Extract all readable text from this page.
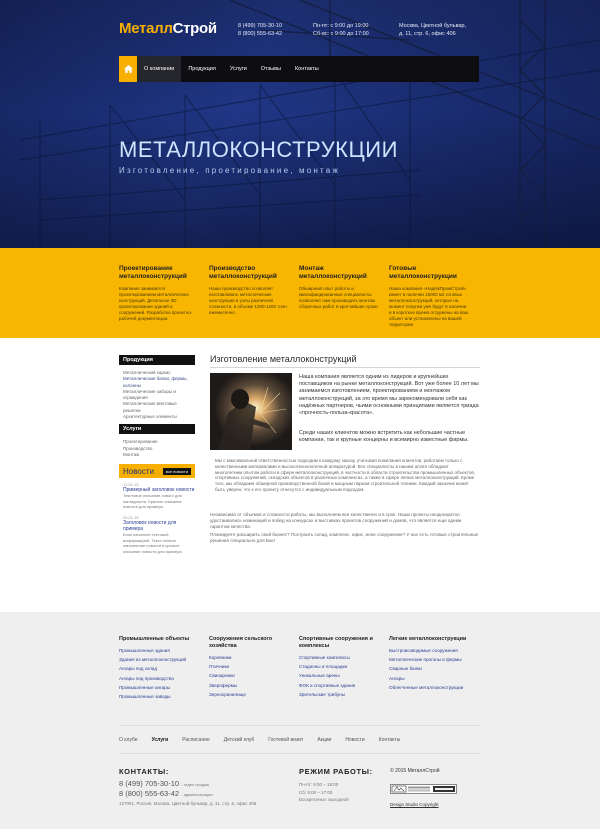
МеталлСтрой	8 (499) 705-30-10
8 (800) 555-63-42
Пн-пт: с 9:00 до 19:00
Сб-вс: с 9:00 до 17:00
Москва, Цветной бульвар,
д. 11, стр. 6, офис 406
О компании	Продукция	Услуги	Отзывы	Контакты
МЕТАЛЛОКОНСТРУКЦИИ
Изготовление, проетирование, монтаж
Проектирование металлоконструкций

Компания занимается проектированием металлических конструкций. Детальное 3D проектирование зданий и сооружений. Разработка проектно-рабочей документации.

Производство металлоконструкций

Наше производство позволяет изготавливать металлические конструкции и узлы различной сложности, в объеме 1000-1200 тонн ежемесячно.

Монтаж металлоконструкций

Обширный опыт работы и квалифицированные специалисты позволяют нам производить монтаж сборочных работ в кратчайшие сроки

Готовые металлоконструкции

Наша компания «НадёжПромСтрой» имеет в наличии 15000 м2 готовых металлоконструкций, которые на момент покупки уже будут в наличии и в короткое время отгружены на ваш объект или установлены на вашей территории

Продукция
Металлический каркас
Металлические балки, фермы, колонны
Металлические заборы и ограждения
Металлические винтовые решетки
Архитектурные элементы
Услуги
Проектирование
Производство
Монтаж
Новости	все новости
12.01.15
Примерный заголовок новости
Текстовое описание нового для наглядности. Краткое описание новости для примера
03.01.15
Заголовок новости для примера
Блок наполнен тестовой информацией. Текст полное наполнение новости в краткое описание новости для примера
Изготовление металлоконструкций
Наша компания является одним из лидеров и крупнейших поставщиков на рынке металлоконструкций. Вот уже более 10 лет мы занимаемся изготовлением, проектированием и монтажом металлоконструкций, за это время мы зарекомендовали себя как надёжных партнеров, чьими основными принципами является триада «прочность-польза-красота».
Среди наших клиентов можно встретить как небольшие частные компании, так и крупные концерны и всемирно известные фирмы.
Мы с максимальной ответственностью подходим к каждому заказу, учитывая пожелания клиентов, работаем только с качественными материалами и высокотехнологичной аппаратурой. Все специалисты в нашем штате обладают многолетним опытом работы в сфере металлоконструкций, в частности в области строительства промышленных объектов, спортивных сооружений, складских объектов в различных комплексах, а также в сфере легких металлоконструкций. Кроме того, мы обладаем обширной производственной базой и мощным парком строительной техники. Каждый заказчик может быть уверен, что к его проекту отнесутся с индивидуальным подходом.
Независимо от объемов и сложности работы, мы выполняем все качественно и в срок. Наши проекты неоднократно удостаивались номинаций и побед на конкурсах и выставках проектов сооружений и домов, что является еще одним гарантом качества.
Планируете расширить свой бизнес? Построить склад, комплекс, офис, иное сооружение? У нас есть готовые строительные решения специально для Вас!
Промышленные объекты
Промышленные здания
Здания из металлоконструкций
Ангары под склад
Ангары под производство
Промышленные ангары
Промышленные заводы
Сооружения сельского хозяйства
Коровники
Птичники
Свинарники
Зверофермы
Зернохранилище
Спортивные сооружения и комплексы
Спортивные комплексы
Стадионы и площадки
Уникальные арены
ФОК и спортивные здания
Зрительские трибуны
Легкие металлоконструкции
Быстровозводимые сооружения
Металлические прогоны и фермы
Сварные балки
Ангары
Облегченные металлоконструкции
О клубе	Услуги	Расписание	Детский клуб	Гостевой визит	Акции	Новости	Контакты
КОНТАКТЫ:
8 (499) 705-30-10 - отдел продаж
8 (800) 555-63-42 - администрация
127051, Россия, Москва, Цветной бульвар, д. 11, стр. 6, офис 406
РЕЖИМ РАБОТЫ:
Пн-пт: 9:00 – 19:00
Сб: 9:00 – 17:00
Воскресенье: выходной
© 2015 МеталлСтрой
Design Studio Copyright
